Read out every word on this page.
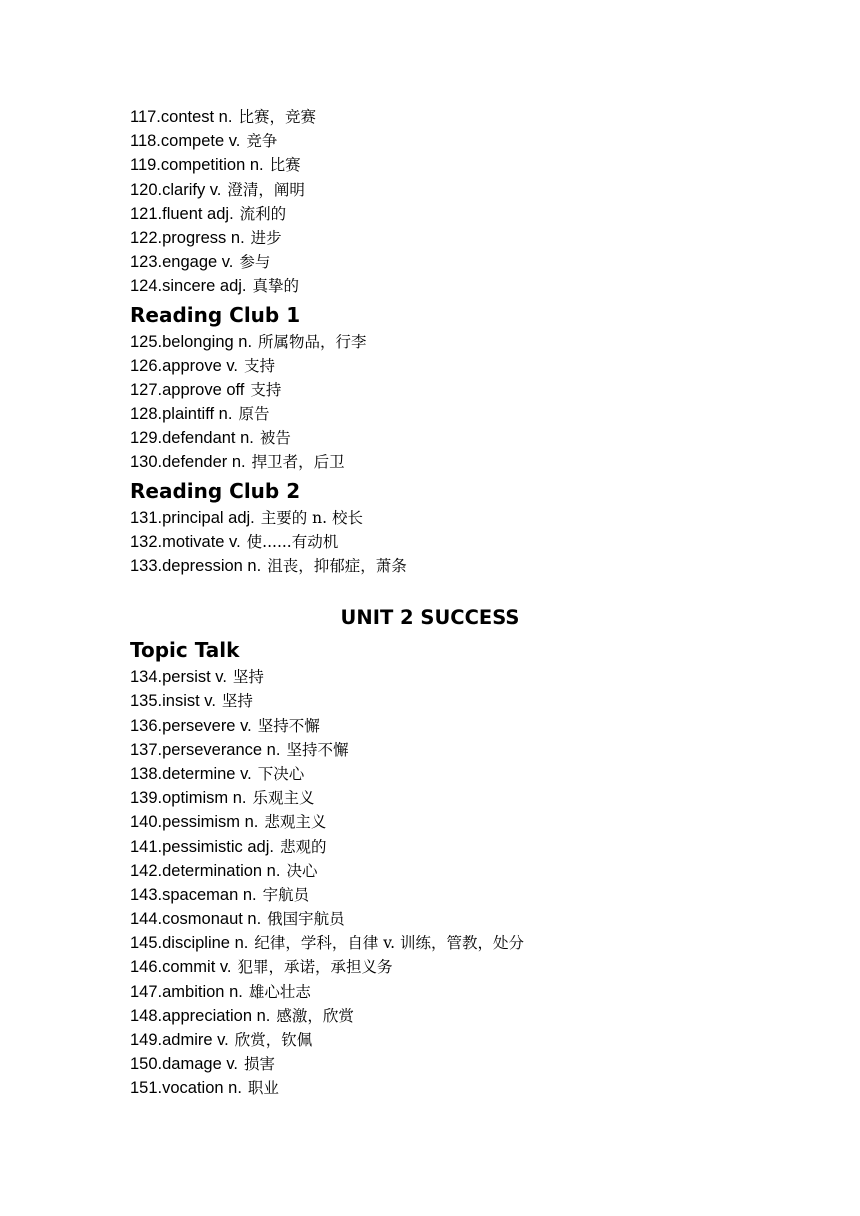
117.contest n. 比赛，竞赛
118.compete v. 竞争
119.competition n. 比赛
120.clarify v. 澄清，阐明
121.fluent adj. 流利的
122.progress n. 进步
123.engage v. 参与
124.sincere adj. 真挚的
Reading Club 1
125.belonging n. 所属物品，行李
126.approve v. 支持
127.approve off 支持
128.plaintiff n. 原告
129.defendant n. 被告
130.defender n. 捍卫者，后卫
Reading Club 2
131.principal adj. 主要的 n. 校长
132.motivate v. 使......有动机
133.depression n. 沮丧，抑郁症，萧条
UNIT 2 SUCCESS
Topic Talk
134.persist v. 坚持
135.insist v. 坚持
136.persevere v. 坚持不懈
137.perseverance n. 坚持不懈
138.determine v. 下决心
139.optimism n. 乐观主义
140.pessimism n. 悲观主义
141.pessimistic adj. 悲观的
142.determination n. 决心
143.spaceman n. 宇航员
144.cosmonaut n. 俄国宇航员
145.discipline n. 纪律，学科，自律 v. 训练，管教，处分
146.commit v. 犯罪，承诺，承担义务
147.ambition n. 雄心壮志
148.appreciation n. 感激，欣赏
149.admire v. 欣赏，钦佩
150.damage v. 损害
151.vocation n. 职业
